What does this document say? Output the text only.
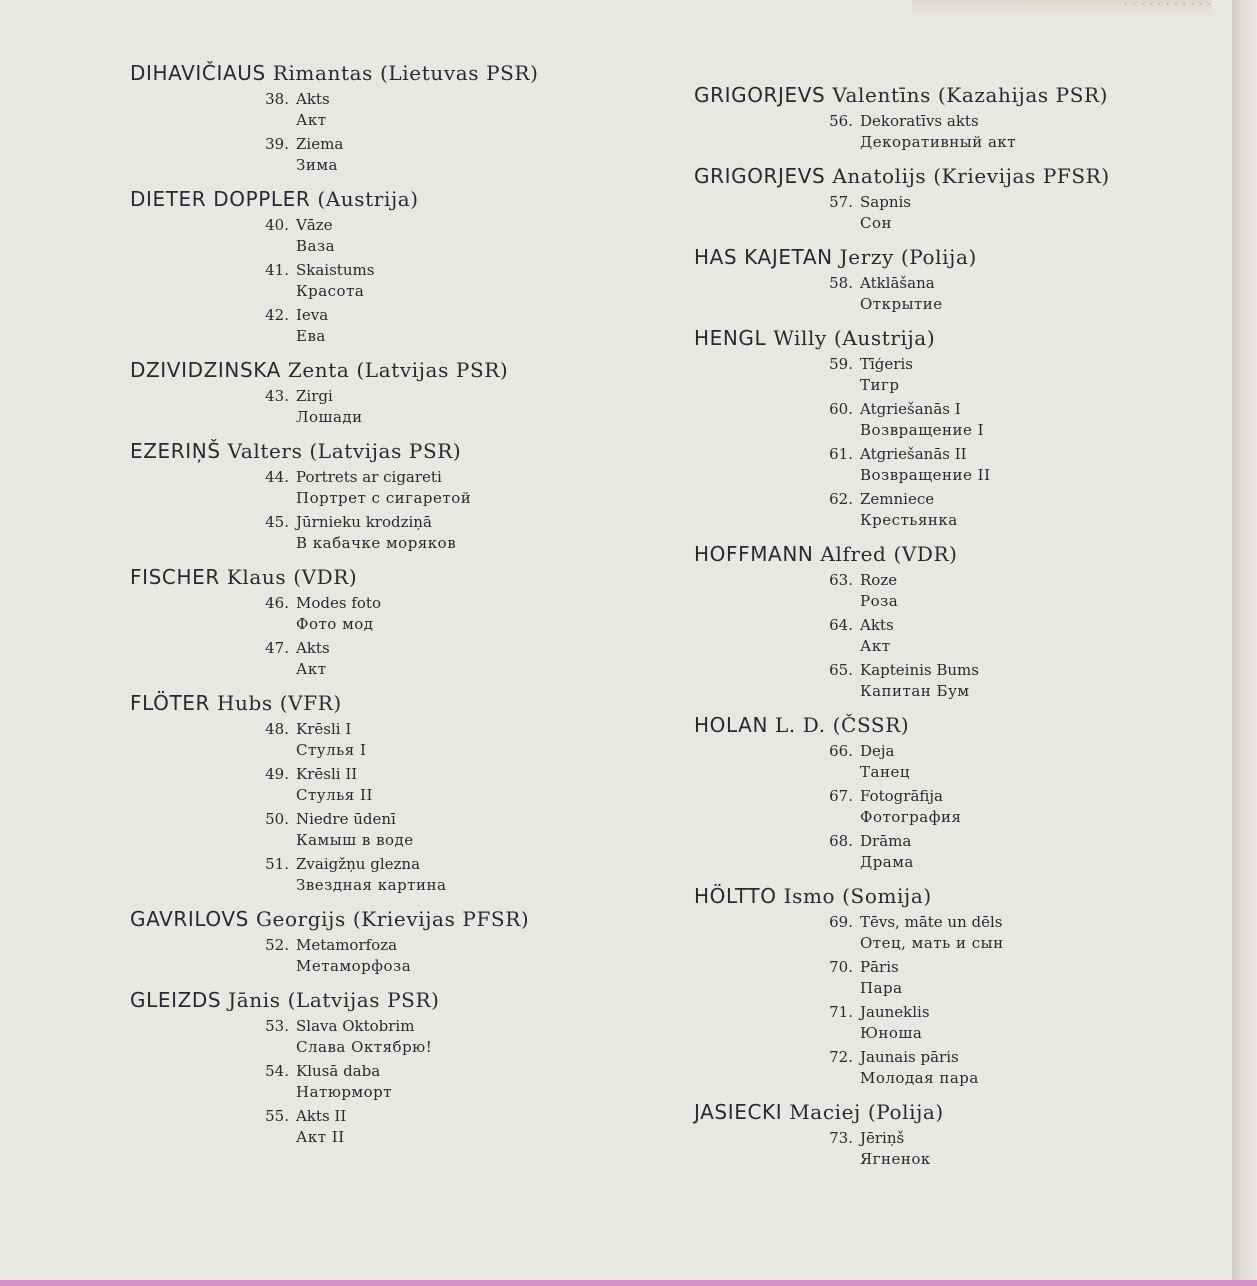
· · · · · · · · · · ·
DIHAVIČIAUS Rimantas (Lietuvas PSR)
38. Akts
Акт
39. Ziema
Зима
DIETER DOPPLER (Austrija)
40. Vāze
Ваза
41. Skaistums
Красота
42. Ieva
Ева
DZIVIDZINSKA Zenta (Latvijas PSR)
43. Zirgi
Лошади
EZERIŅŠ Valters (Latvijas PSR)
44. Portrets ar cigareti
Портрет с сигаретой
45. Jūrnieku krodziņā
В кабачке моряков
FISCHER Klaus (VDR)
46. Modes foto
Фото мод
47. Akts
Акт
FLÖTER Hubs (VFR)
48. Krēsli I
Стулья I
49. Krēsli II
Стулья II
50. Niedre ūdenī
Камыш в воде
51. Zvaigžņu glezna
Звездная картина
GAVRILOVS Georgijs (Krievijas PFSR)
52. Metamorfoza
Метаморфоза
GLEIZDS Jānis (Latvijas PSR)
53. Slava Oktobrim
Слава Октябрю!
54. Klusā daba
Натюрморт
55. Akts II
Акт II
GRIGORJEVS Valentīns (Kazahijas PSR)
56. Dekoratīvs akts
Декоративный акт
GRIGORJEVS Anatolijs (Krievijas PFSR)
57. Sapnis
Сон
HAS KAJETAN Jerzy (Polija)
58. Atklāšana
Открытие
HENGL Willy (Austrija)
59. Tīģeris
Тигр
60. Atgriešanās I
Возвращение I
61. Atgriešanās II
Возвращение II
62. Zemniece
Крестьянка
HOFFMANN Alfred (VDR)
63. Roze
Роза
64. Akts
Акт
65. Kapteinis Bums
Капитан Бум
HOLAN L. D. (ČSSR)
66. Deja
Танец
67. Fotogrāfija
Фотография
68. Drāma
Драма
HÖLTTO Ismo (Somija)
69. Tēvs, māte un dēls
Отец, мать и сын
70. Pāris
Пара
71. Jauneklis
Юноша
72. Jaunais pāris
Молодая пара
JASIECKI Maciej (Polija)
73. Jēriņš
Ягненок
